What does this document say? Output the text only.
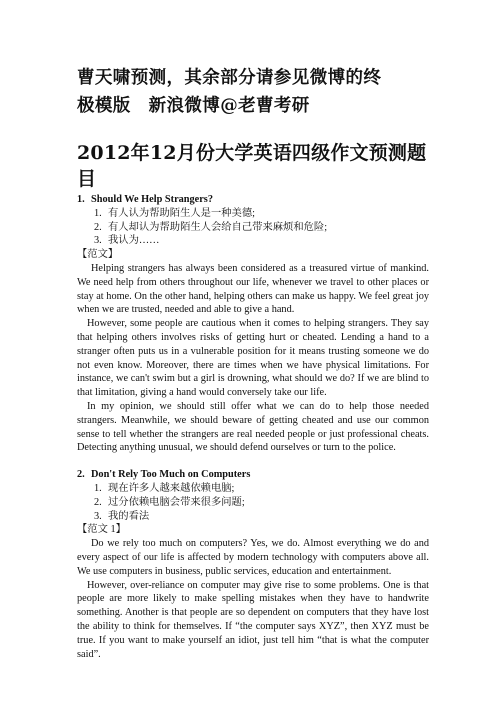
曹天啸预测，其余部分请参见微博的终
极模版　新浪微博@老曹考研
2012年12月份大学英语四级作文预测题目

1. Should We Help Strangers?

1. 有人认为帮助陌生人是一种美德;

2. 有人却认为帮助陌生人会给自己带来麻烦和危险;

3. 我认为……

【范文】

Helping strangers has always been considered as a treasured virtue of mankind. We need help from others throughout our life, whenever we travel to other places or stay at home. On the other hand, helping others can make us happy. We feel great joy when we are trusted, needed and able to give a hand.

However, some people are cautious when it comes to helping strangers. They say that helping others involves risks of getting hurt or cheated. Lending a hand to a stranger often puts us in a vulnerable position for it means trusting someone we do not even know. Moreover, there are times when we have physical limitations. For instance, we can't swim but a girl is drowning, what should we do? If we are blind to that limitation, giving a hand would conversely take our life.

In my opinion, we should still offer what we can do to help those needed strangers. Meanwhile, we should beware of getting cheated and use our common sense to tell whether the strangers are real needed people or just professional cheats. Detecting anything unusual, we should defend ourselves or turn to the police.

2. Don't Rely Too Much on Computers

1. 现在许多人越来越依赖电脑;

2. 过分依赖电脑会带来很多问题;

3. 我的看法

【范文 1】

Do we rely too much on computers? Yes, we do. Almost everything we do and every aspect of our life is affected by modern technology with computers above all. We use computers in business, public services, education and entertainment.

However, over-reliance on computer may give rise to some problems. One is that people are more likely to make spelling mistakes when they have to handwrite something. Another is that people are so dependent on computers that they have lost the ability to think for themselves. If “the computer says XYZ”, then XYZ must be true. If you want to make yourself an idiot, just tell him “that is what the computer said”.
